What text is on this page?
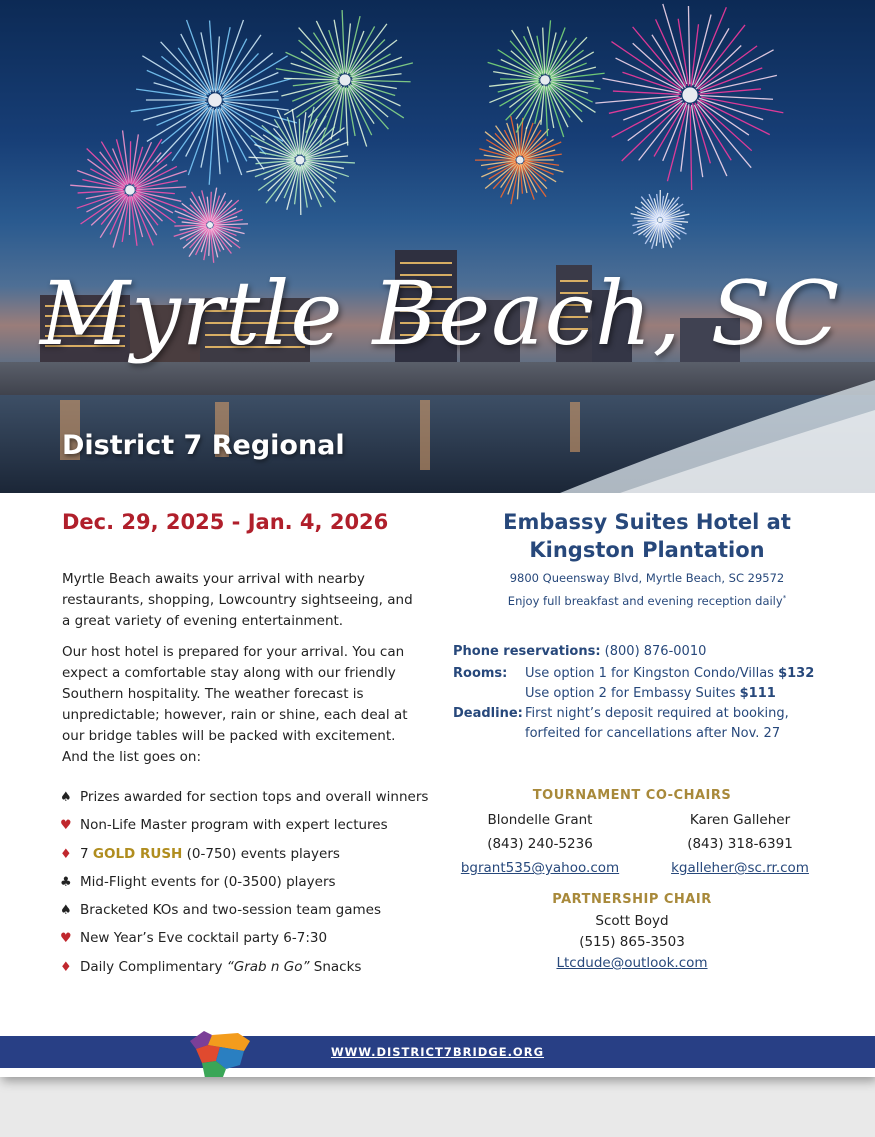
Myrtle Beach, SC
District 7 Regional
Dec. 29, 2025 - Jan. 4, 2026
Myrtle Beach awaits your arrival with nearby restaurants, shopping, Lowcountry sightseeing, and a great variety of evening entertainment.
Our host hotel is prepared for your arrival. You can expect a comfortable stay along with our friendly Southern hospitality. The weather forecast is unpredictable; however, rain or shine, each deal at our bridge tables will be packed with excitement. And the list goes on:
♠ Prizes awarded for section tops and overall winners
♥ Non-Life Master program with expert lectures
♦ 7 GOLD RUSH (0-750) events players
♣ Mid-Flight events for (0-3500) players
♠ Bracketed KOs and two-session team games
♥ New Year’s Eve cocktail party 6-7:30
♦ Daily Complimentary “Grab n Go” Snacks
Embassy Suites Hotel at
Kingston Plantation
9800 Queensway Blvd, Myrtle Beach, SC 29572
Enjoy full breakfast and evening reception daily*
Phone reservations: (800) 876-0010
Rooms: Use option 1 for Kingston Condo/Villas $132
Use option 2 for Embassy Suites $111
Deadline: First night’s deposit required at booking,
forfeited for cancellations after Nov. 27
TOURNAMENT CO-CHAIRS
Blondelle Grant	Karen Galleher
(843) 240-5236	(843) 318-6391
bgrant535@yahoo.com	kgalleher@sc.rr.com
PARTNERSHIP CHAIR
Scott Boyd
(515) 865-3503
Ltcdude@outlook.com
WWW.DISTRICT7BRIDGE.ORG
